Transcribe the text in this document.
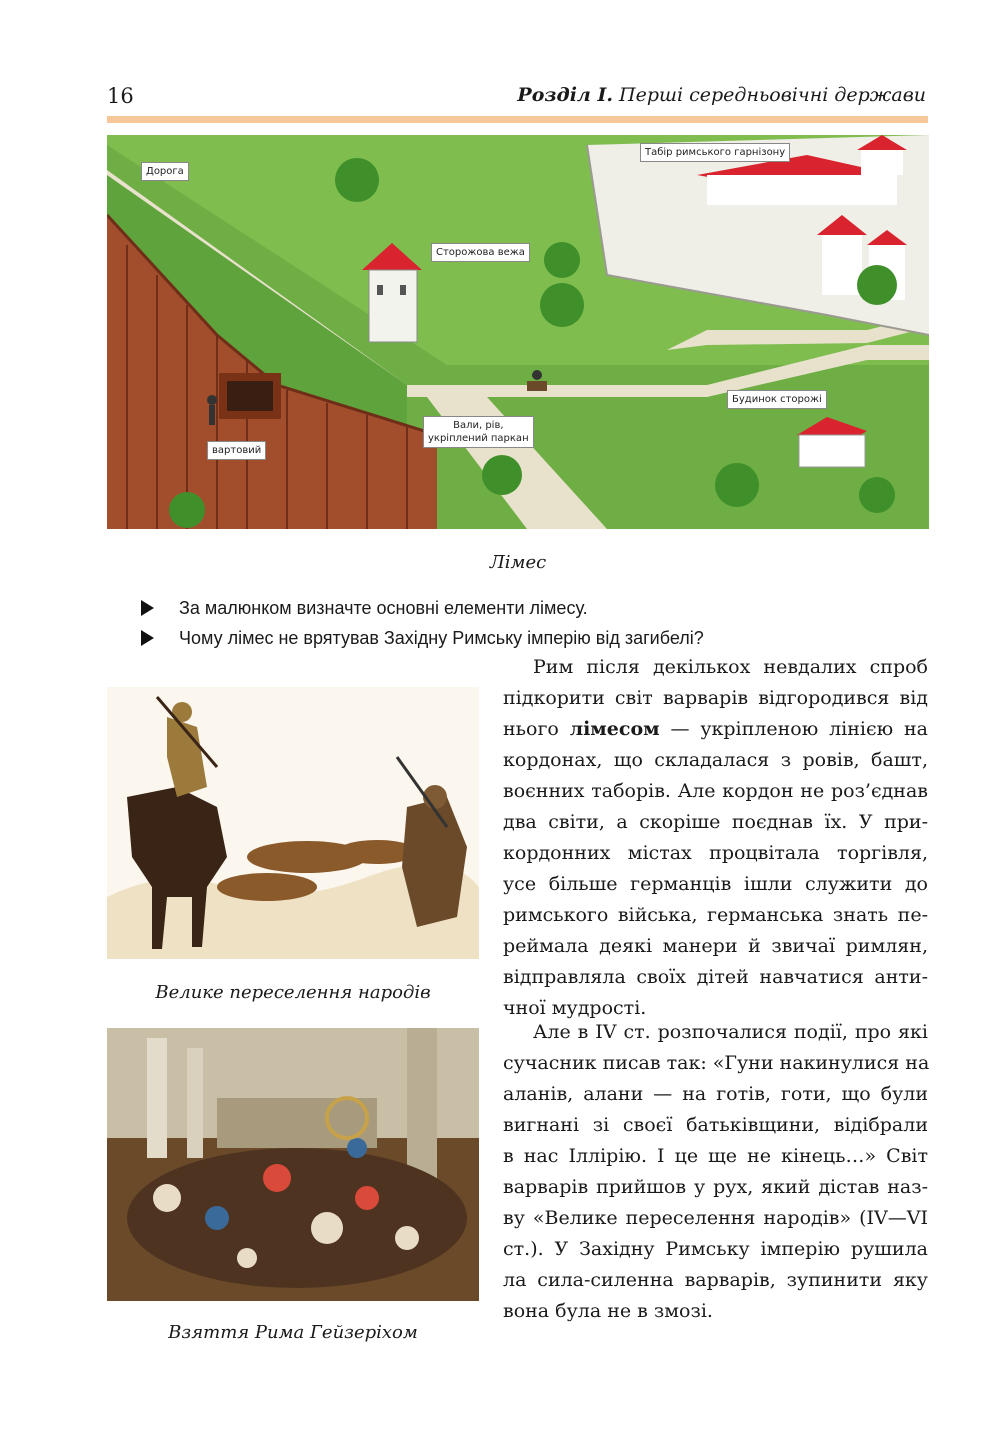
16	Розділ І. Перші середньовічні держави
Дорога
Табір римського гарнізону
Сторожова вежа
Будинок сторожі
Вали, рів,
укріплений паркан
вартовий
Лімес
За малюнком визначте основні елементи лімесу.
Чому лімес не врятував Західну Римську імперію від загибелі?
Велике переселення народів
Взяття Рима Гейзеріхом
Рим після декількох невдалих спроб
підкорити світ варварів відгородився від
нього лімесом — укріпленою лінією на
кордонах, що складалася з ровів, башт,
воєнних таборів. Але кордон не роз’єднав
два світи, а скоріше поєднав їх. У при-
кордонних містах процвітала торгівля,
усе більше германців ішли служити до
римського війська, германська знать пе-
реймала деякі манери й звичаї римлян,
відправляла своїх дітей навчатися анти-
чної мудрості.
Але в IV ст. розпочалися події, про які
сучасник писав так: «Гуни накинулися на
аланів, алани — на готів, готи, що були
вигнані зі своєї батьківщини, відібрали
в нас Іллірію. І це ще не кінець…» Світ
варварів прийшов у рух, який дістав наз-
ву «Велике переселення народів» (IV—VI
ст.). У Західну Римську імперію рушила
ла сила-силенна варварів, зупинити яку
вона була не в змозі.
